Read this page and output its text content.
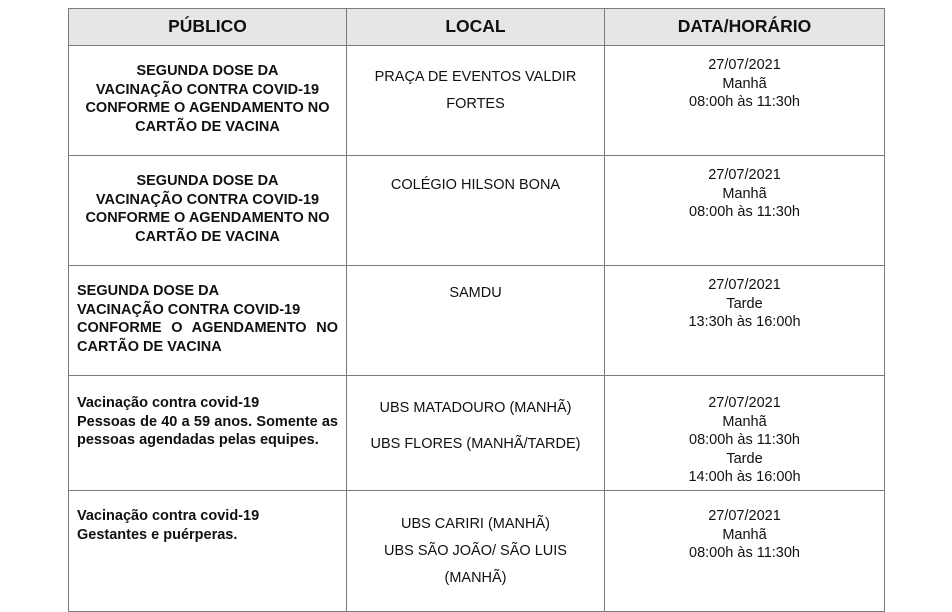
PÚBLICO	LOCAL	DATA/HORÁRIO

SEGUNDA DOSE DA
VACINAÇÃO CONTRA COVID-19
CONFORME O AGENDAMENTO NO
CARTÃO DE VACINA	PRAÇA DE EVENTOS VALDIR
FORTES	27/07/2021
Manhã
08:00h às 11:30h

SEGUNDA DOSE DA
VACINAÇÃO CONTRA COVID-19
CONFORME O AGENDAMENTO NO
CARTÃO DE VACINA	COLÉGIO HILSON BONA	27/07/2021
Manhã
08:00h às 11:30h

SEGUNDA DOSE DA
VACINAÇÃO CONTRA COVID-19
CONFORME O AGENDAMENTO NO
CARTÃO DE VACINA	SAMDU	27/07/2021
Tarde
13:30h às 16:00h

Vacinação contra covid-19
Pessoas de 40 a 59 anos. Somente as pessoas agendadas pelas equipes.	UBS MATADOURO (MANHÃ)
UBS FLORES (MANHÃ/TARDE)	27/07/2021
Manhã
08:00h às 11:30h
Tarde
14:00h às 16:00h

Vacinação contra covid-19
Gestantes e puérperas.	UBS CARIRI (MANHÃ)
UBS SÃO JOÃO/ SÃO LUIS
(MANHÃ)	27/07/2021
Manhã
08:00h às 11:30h
